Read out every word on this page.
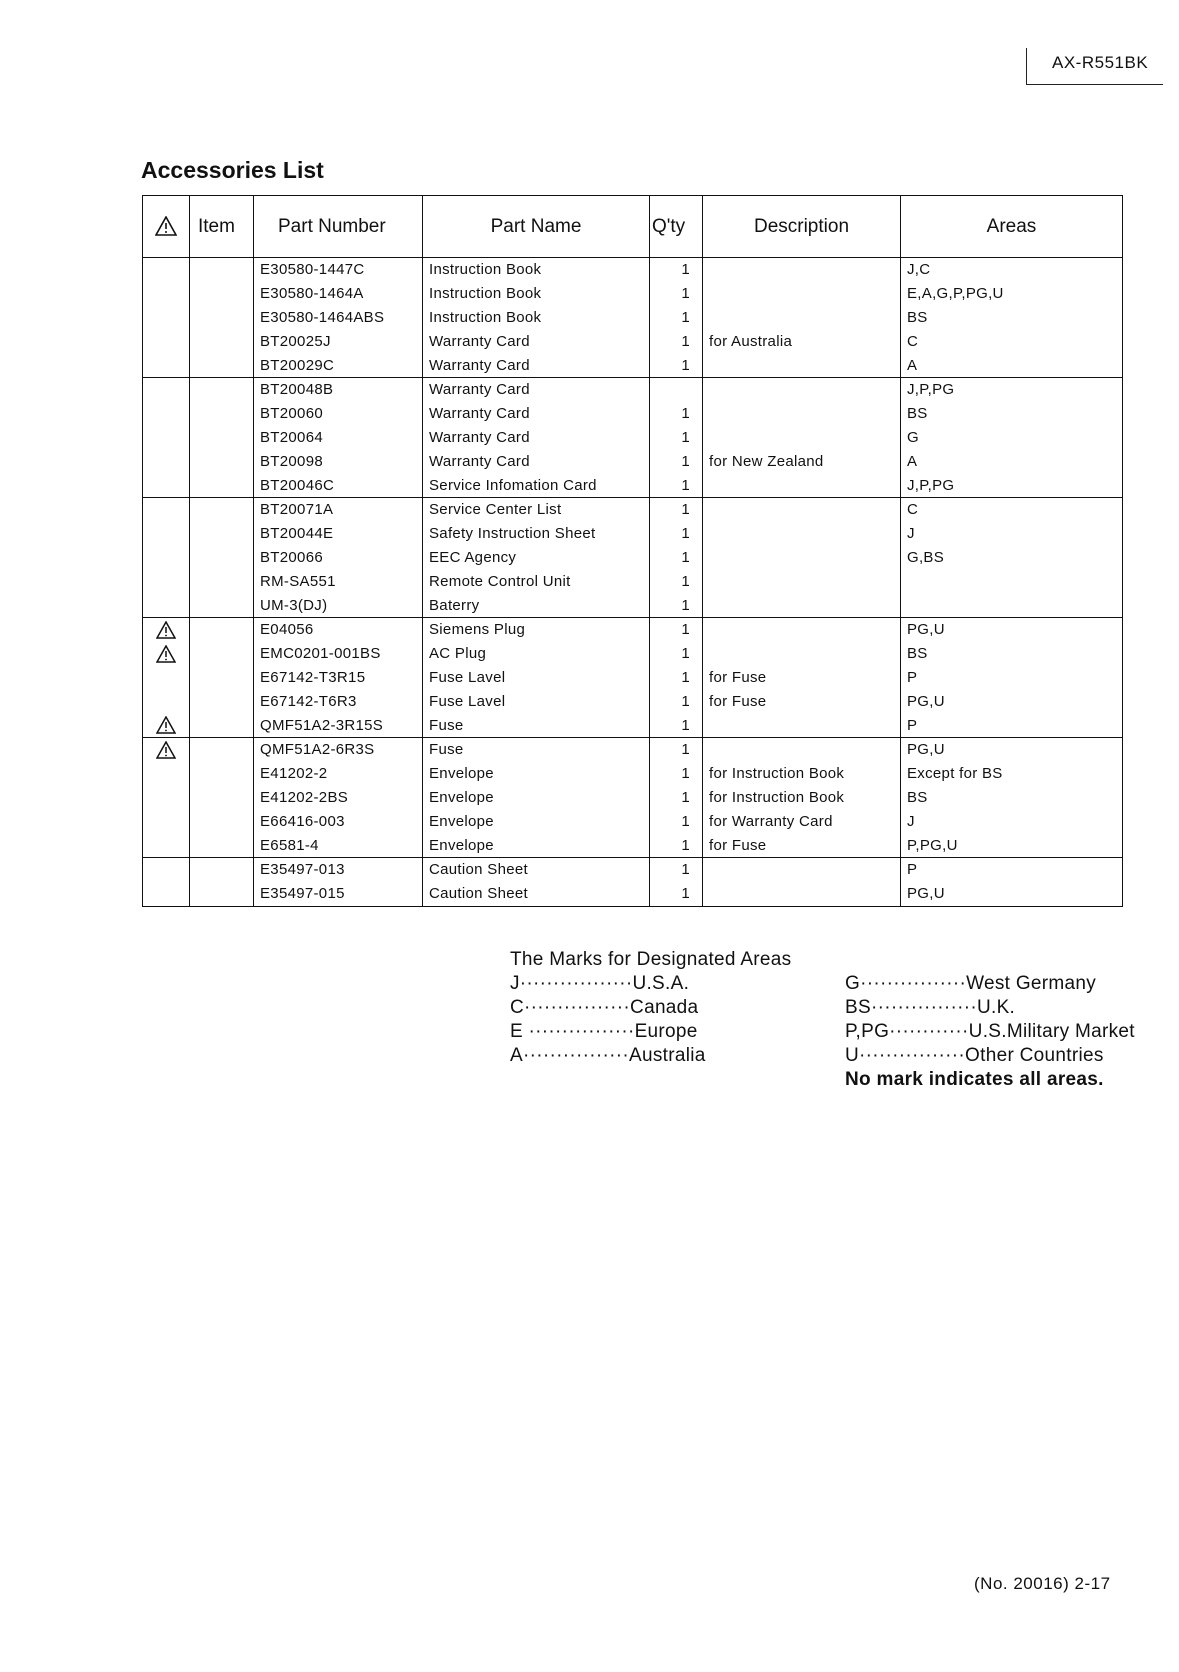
AX-R551BK
Accessories List
	Item	Part Number	Part Name	Q'ty	Description	Areas
		E30580-1447C	Instruction Book	1		J,C
		E30580-1464A	Instruction Book	1		E,A,G,P,PG,U
		E30580-1464ABS	Instruction Book	1		BS
		BT20025J	Warranty Card	1	for Australia	C
		BT20029C	Warranty Card	1		A
		BT20048B	Warranty Card			J,P,PG
		BT20060	Warranty Card	1		BS
		BT20064	Warranty Card	1		G
		BT20098	Warranty Card	1	for New Zealand	A
		BT20046C	Service Infomation Card	1		J,P,PG
		BT20071A	Service Center List	1		C
		BT20044E	Safety Instruction Sheet	1		J
		BT20066	EEC Agency	1		G,BS
		RM-SA551	Remote Control Unit	1		
		UM-3(DJ)	Baterry	1		
		E04056	Siemens Plug	1		PG,U
		EMC0201-001BS	AC Plug	1		BS
		E67142-T3R15	Fuse Lavel	1	for Fuse	P
		E67142-T6R3	Fuse Lavel	1	for Fuse	PG,U
		QMF51A2-3R15S	Fuse	1		P
		QMF51A2-6R3S	Fuse	1		PG,U
		E41202-2	Envelope	1	for Instruction Book	Except for BS
		E41202-2BS	Envelope	1	for Instruction Book	BS
		E66416-003	Envelope	1	for Warranty Card	J
		E6581-4	Envelope	1	for Fuse	P,PG,U
		E35497-013	Caution Sheet	1		P
		E35497-015	Caution Sheet	1		PG,U
The Marks for Designated Areas
J·················U.S.A.
C················Canada
E ················Europe
A················Australia
G················West Germany
BS················U.K.
P,PG············U.S.Military Market
U················Other Countries
No mark indicates all areas.
(No. 20016) 2-17
